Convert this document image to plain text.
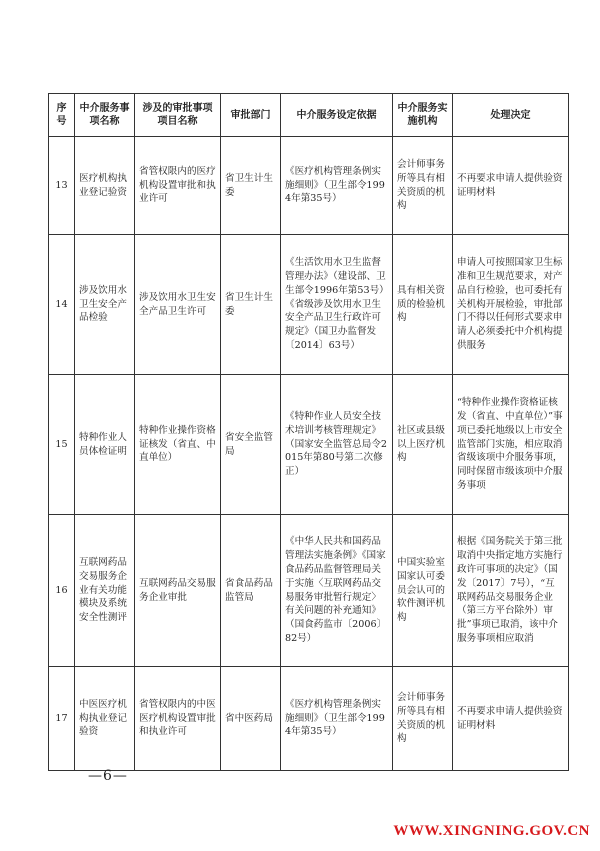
序号	中介服务事项名称	涉及的审批事项项目名称	审批部门	中介服务设定依据	中介服务实施机构	处理决定
13	医疗机构执业登记验资	省管权限内的医疗机构设置审批和执业许可	省卫生计生委	《医疗机构管理条例实施细则》（卫生部令1994年第35号）	会计师事务所等具有相关资质的机构	不再要求申请人提供验资证明材料
14	涉及饮用水卫生安全产品检验	涉及饮用水卫生安全产品卫生许可	省卫生计生委	《生活饮用水卫生监督管理办法》（建设部、卫生部令1996年第53号）《省级涉及饮用水卫生安全产品卫生行政许可规定》（国卫办监督发〔2014〕63号）	具有相关资质的检验机构	申请人可按照国家卫生标准和卫生规范要求，对产品自行检验，也可委托有关机构开展检验，审批部门不得以任何形式要求申请人必须委托中介机构提供服务
15	特种作业人员体检证明	特种作业操作资格证核发（省直、中直单位）	省安全监管局	《特种作业人员安全技术培训考核管理规定》（国家安全监管总局令2015年第80号第二次修正）	社区或县级以上医疗机构	“特种作业操作资格证核发（省直、中直单位）”事项已委托地级以上市安全监管部门实施，相应取消省级该项中介服务事项，同时保留市级该项中介服务事项
16	互联网药品交易服务企业有关功能模块及系统安全性测评	互联网药品交易服务企业审批	省食品药品监管局	《中华人民共和国药品管理法实施条例》《国家食品药品监督管理局关于实施〈互联网药品交易服务审批暂行规定〉有关问题的补充通知》（国食药监市〔2006〕82号）	中国实验室国家认可委员会认可的软件测评机构	根据《国务院关于第三批取消中央指定地方实施行政许可事项的决定》（国发〔2017〕7号），“互联网药品交易服务企业（第三方平台除外）审批”事项已取消，该中介服务事项相应取消
17	中医医疗机构执业登记验资	省管权限内的中医医疗机构设置审批和执业许可	省中医药局	《医疗机构管理条例实施细则》（卫生部令1994年第35号）	会计师事务所等具有相关资质的机构	不再要求申请人提供验资证明材料
—6—
WWW.XINGNING.GOV.CN
